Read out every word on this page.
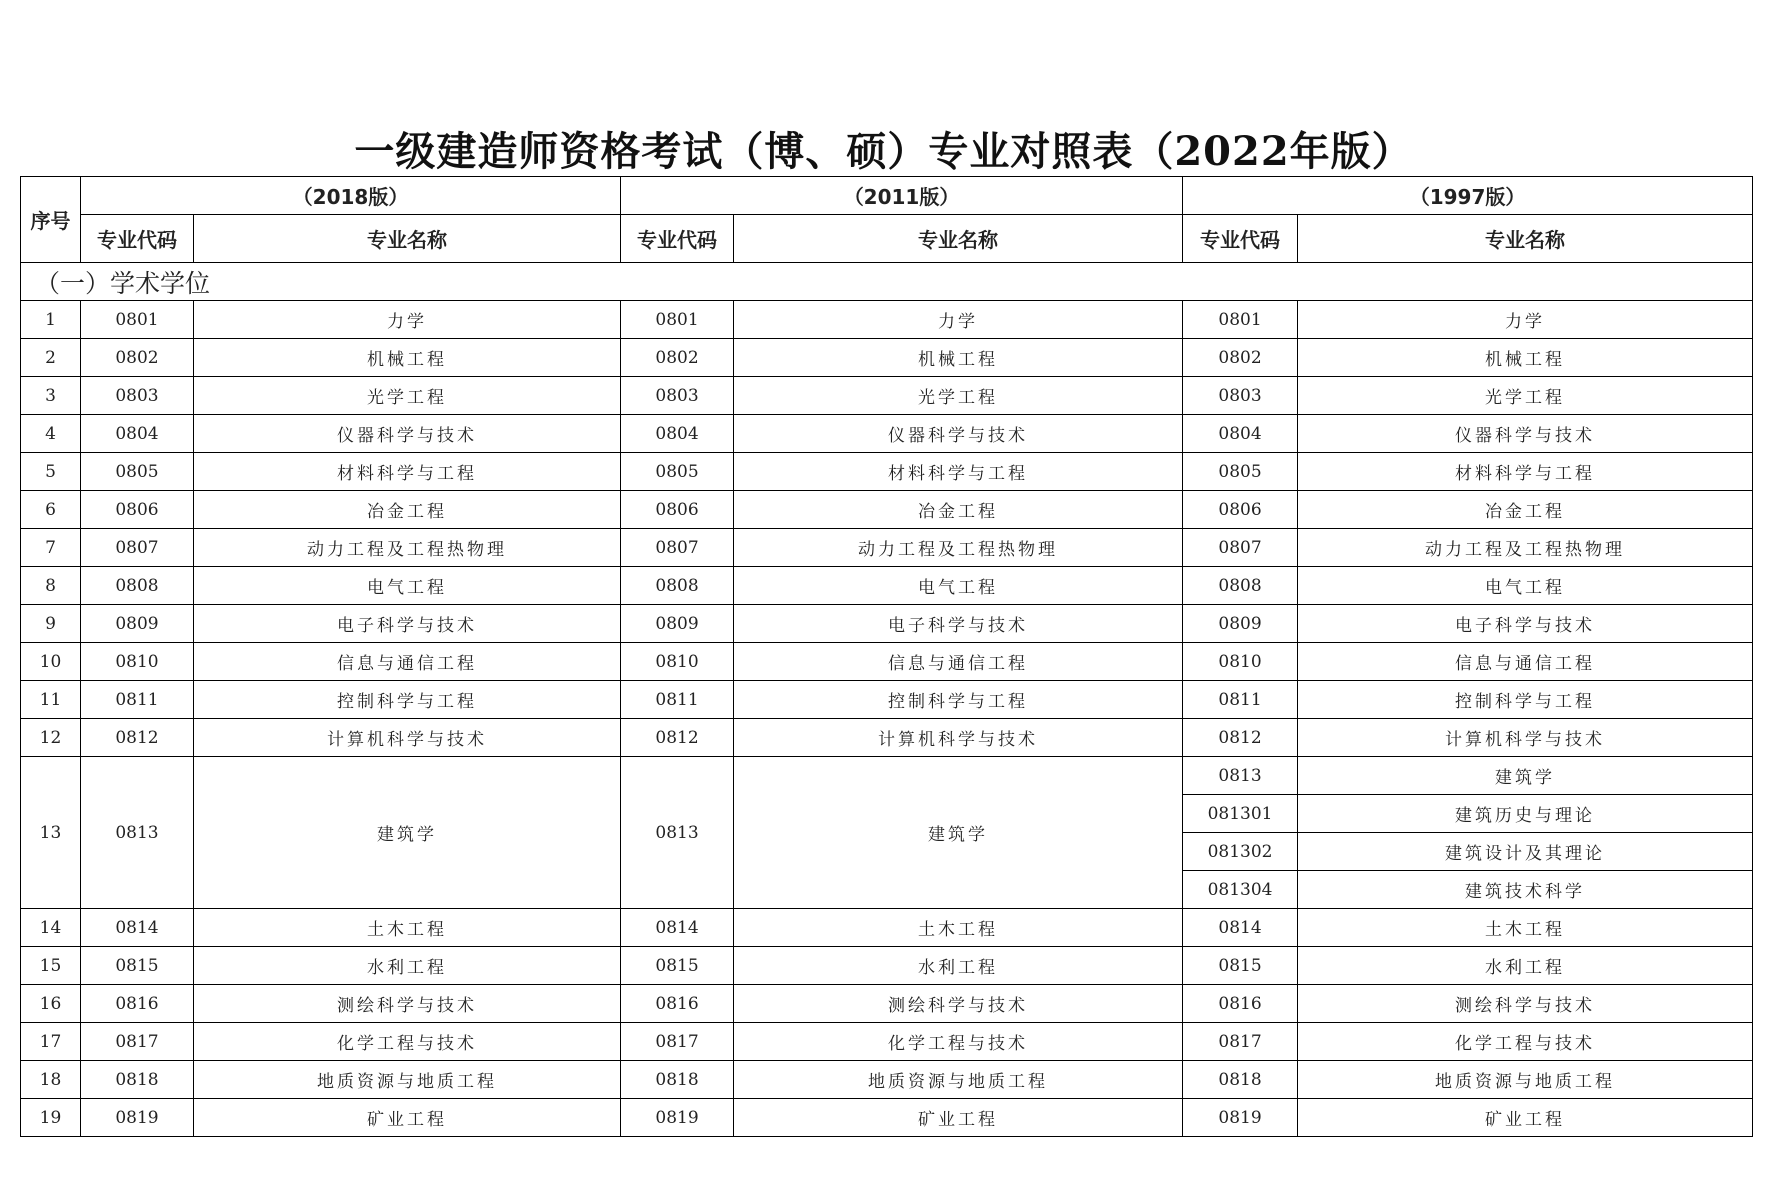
一级建造师资格考试（博、硕）专业对照表（2022年版）
序号	（2018版）		（2011版）		（1997版）	
	专业代码	专业名称	专业代码	专业名称	专业代码	专业名称
（一）学术学位						
1	0801	力学	0801	力学	0801	力学
2	0802	机械工程	0802	机械工程	0802	机械工程
3	0803	光学工程	0803	光学工程	0803	光学工程
4	0804	仪器科学与技术	0804	仪器科学与技术	0804	仪器科学与技术
5	0805	材料科学与工程	0805	材料科学与工程	0805	材料科学与工程
6	0806	冶金工程	0806	冶金工程	0806	冶金工程
7	0807	动力工程及工程热物理	0807	动力工程及工程热物理	0807	动力工程及工程热物理
8	0808	电气工程	0808	电气工程	0808	电气工程
9	0809	电子科学与技术	0809	电子科学与技术	0809	电子科学与技术
10	0810	信息与通信工程	0810	信息与通信工程	0810	信息与通信工程
11	0811	控制科学与工程	0811	控制科学与工程	0811	控制科学与工程
12	0812	计算机科学与技术	0812	计算机科学与技术	0812	计算机科学与技术
13	0813	建筑学	0813	建筑学	0813	建筑学
					081301	建筑历史与理论
					081302	建筑设计及其理论
					081304	建筑技术科学
14	0814	土木工程	0814	土木工程	0814	土木工程
15	0815	水利工程	0815	水利工程	0815	水利工程
16	0816	测绘科学与技术	0816	测绘科学与技术	0816	测绘科学与技术
17	0817	化学工程与技术	0817	化学工程与技术	0817	化学工程与技术
18	0818	地质资源与地质工程	0818	地质资源与地质工程	0818	地质资源与地质工程
19	0819	矿业工程	0819	矿业工程	0819	矿业工程
